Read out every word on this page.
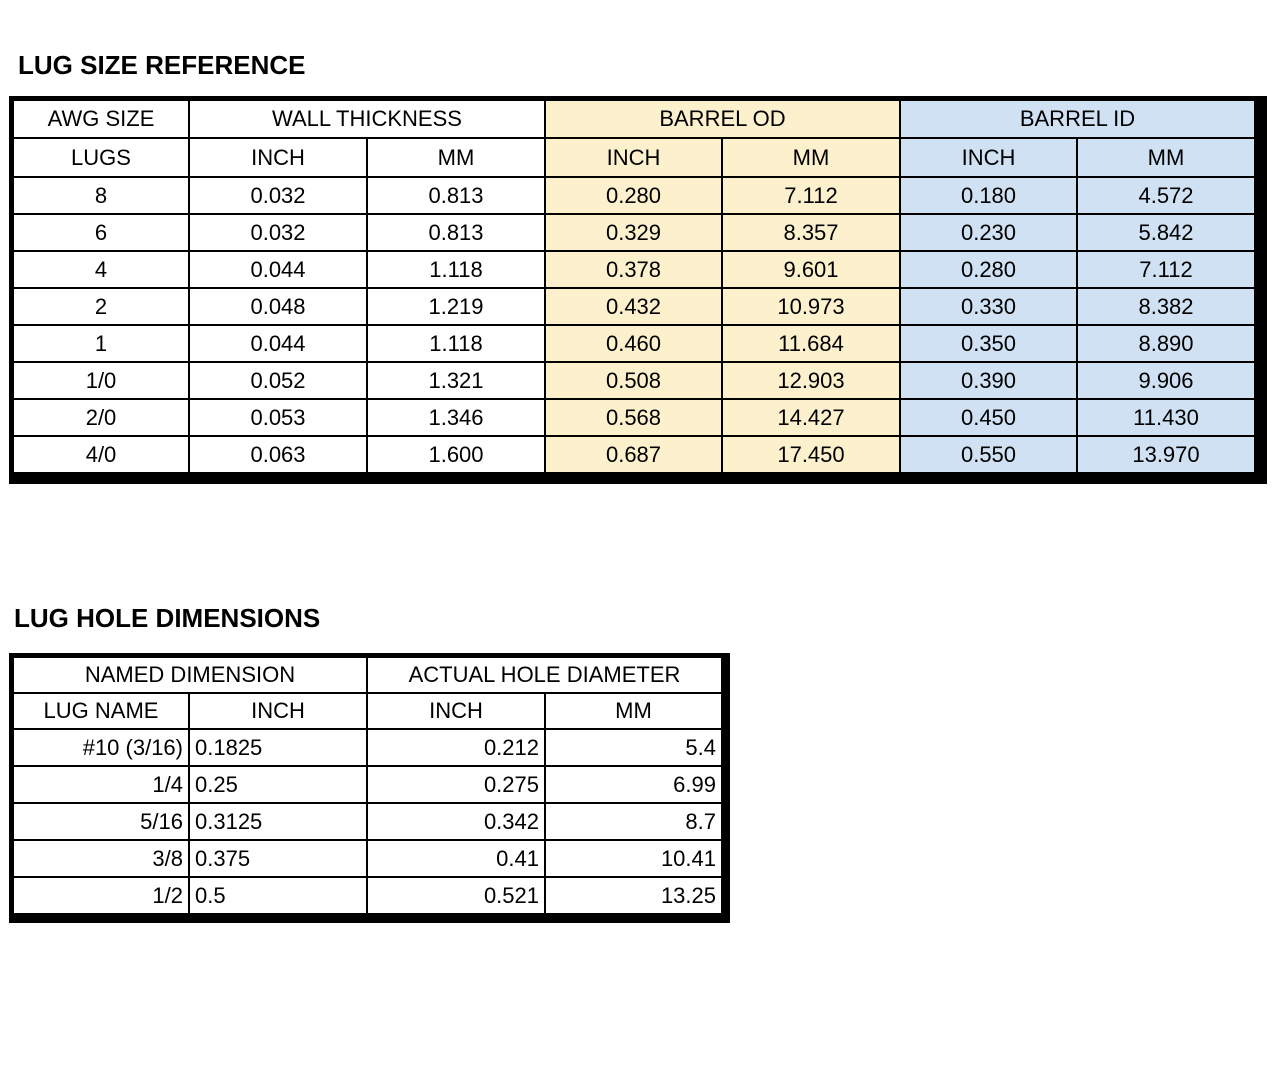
LUG SIZE REFERENCE
AWG SIZE	WALL THICKNESS	BARREL OD	BARREL ID
LUGS	INCH	MM	INCH	MM	INCH	MM
8	0.032	0.813	0.280	7.112	0.180	4.572
6	0.032	0.813	0.329	8.357	0.230	5.842
4	0.044	1.118	0.378	9.601	0.280	7.112
2	0.048	1.219	0.432	10.973	0.330	8.382
1	0.044	1.118	0.460	11.684	0.350	8.890
1/0	0.052	1.321	0.508	12.903	0.390	9.906
2/0	0.053	1.346	0.568	14.427	0.450	11.430
4/0	0.063	1.600	0.687	17.450	0.550	13.970
LUG HOLE DIMENSIONS
NAMED DIMENSION	ACTUAL HOLE DIAMETER
LUG NAME	INCH	INCH	MM
#10 (3/16) 0.1825	0.212	5.4
1/4 0.25	0.275	6.99
5/16 0.3125	0.342	8.7
3/8 0.375	0.41	10.41
1/2 0.5	0.521	13.25
